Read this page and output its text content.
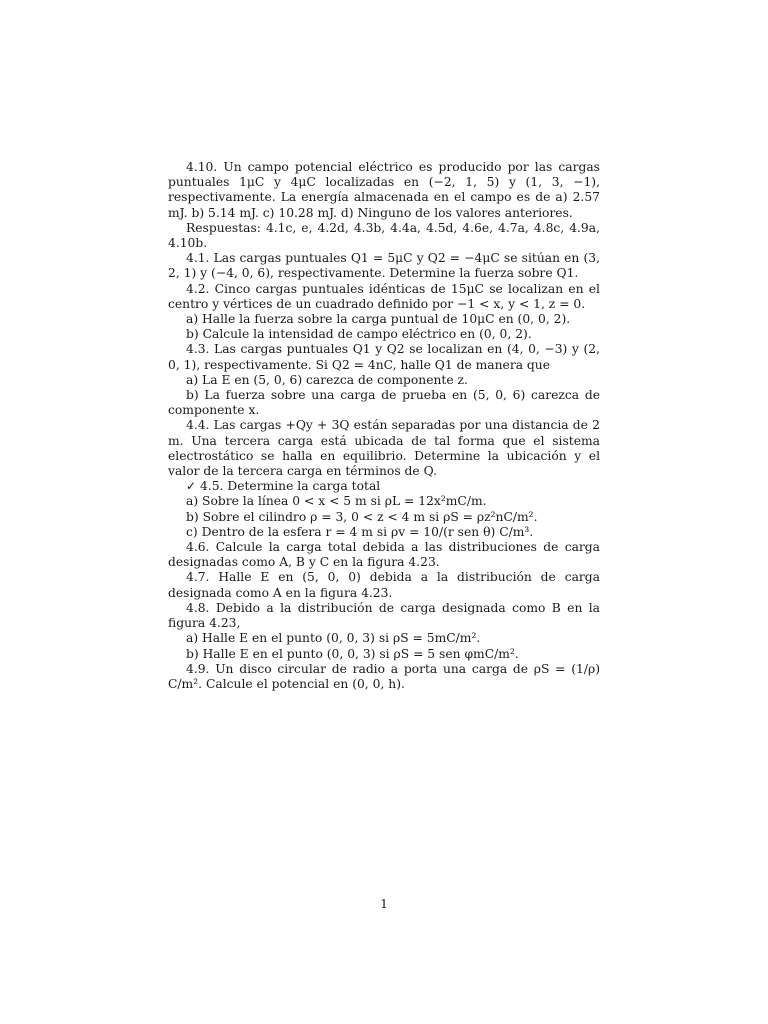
4.10. Un campo potencial eléctrico es producido por las cargas puntuales 1μC y 4μC localizadas en (−2, 1, 5) y (1, 3, −1), respectivamente. La energía almacenada en el campo es de a) 2.57 mJ. b) 5.14 mJ. c) 10.28 mJ. d) Ninguno de los valores anteriores.

Respuestas: 4.1c, e, 4.2d, 4.3b, 4.4a, 4.5d, 4.6e, 4.7a, 4.8c, 4.9a, 4.10b.

4.1. Las cargas puntuales Q1 = 5μC y Q2 = −4μC se sitúan en (3, 2, 1) y (−4, 0, 6), respectivamente. Determine la fuerza sobre Q1.

4.2. Cinco cargas puntuales idénticas de 15μC se localizan en el centro y vértices de un cuadrado definido por −1 < x, y < 1, z = 0.

a) Halle la fuerza sobre la carga puntual de 10μC en (0, 0, 2).

b) Calcule la intensidad de campo eléctrico en (0, 0, 2).

4.3. Las cargas puntuales Q1 y Q2 se localizan en (4, 0, −3) y (2, 0, 1), respectivamente. Si Q2 = 4nC, halle Q1 de manera que

a) La E en (5, 0, 6) carezca de componente z.

b) La fuerza sobre una carga de prueba en (5, 0, 6) carezca de componente x.

4.4. Las cargas +Qy + 3Q están separadas por una distancia de 2 m. Una tercera carga está ubicada de tal forma que el sistema electrostático se halla en equilibrio. Determine la ubicación y el valor de la tercera carga en términos de Q.

✓ 4.5. Determine la carga total

a) Sobre la línea 0 < x < 5 m si ρL = 12x²mC/m.

b) Sobre el cilindro ρ = 3, 0 < z < 4 m si ρS = ρz²nC/m².

c) Dentro de la esfera r = 4 m si ρv = 10/(r sen θ) C/m³.

4.6. Calcule la carga total debida a las distribuciones de carga designadas como A, B y C en la figura 4.23.

4.7. Halle E en (5, 0, 0) debida a la distribución de carga designada como A en la figura 4.23.

4.8. Debido a la distribución de carga designada como B en la figura 4.23,

a) Halle E en el punto (0, 0, 3) si ρS = 5mC/m².

b) Halle E en el punto (0, 0, 3) si ρS = 5 sen φmC/m².

4.9. Un disco circular de radio a porta una carga de ρS = (1/ρ) C/m². Calcule el potencial en (0, 0, h).

1
